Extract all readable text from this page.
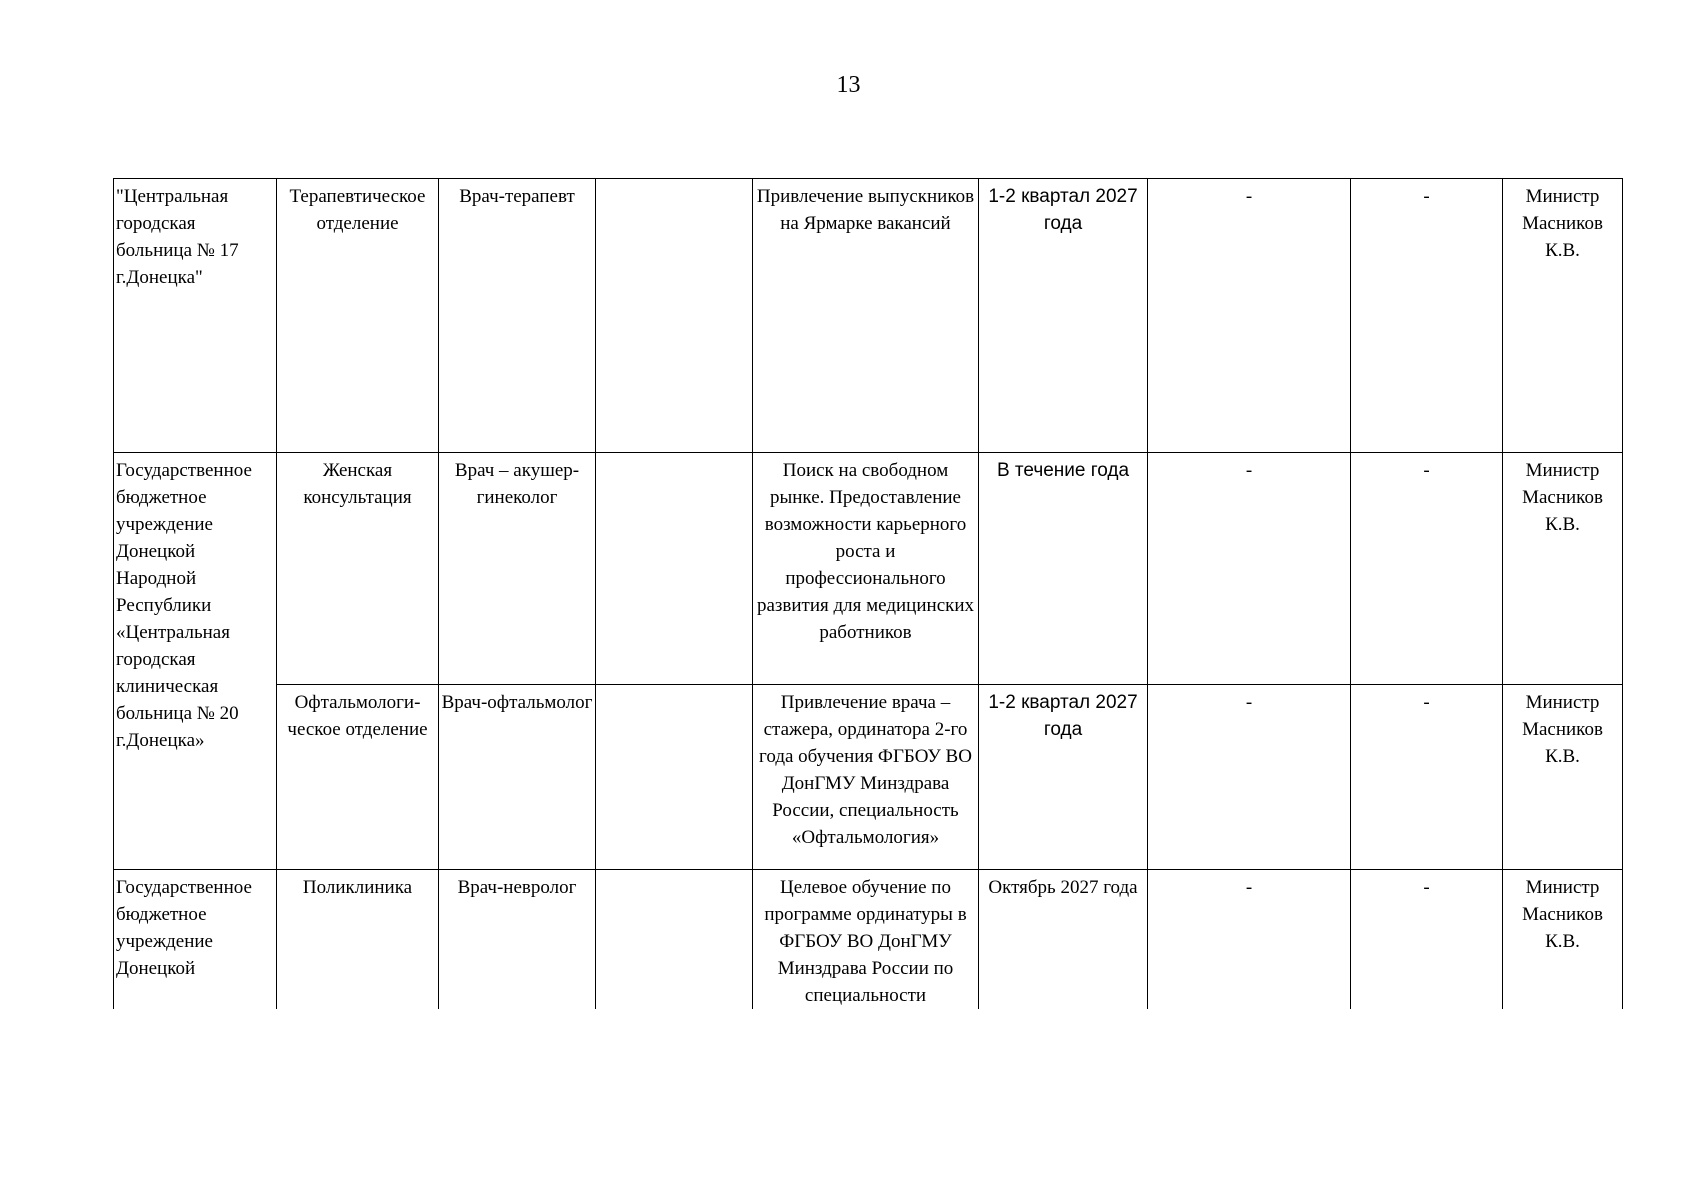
13
"Центральная городская больница № 17 г.Донецка"	Терапевтическое отделение	Врач-терапевт		Привлечение выпускников на Ярмарке вакансий	1-2 квартал 2027 года	-	-	Министр Масников К.В.
Государственное бюджетное учреждение Донецкой Народной Республики «Центральная городская клиническая больница № 20 г.Донецка»	Женская консультация	Врач – акушер-гинеколог		Поиск на свободном рынке. Предоставление возможности карьерного роста и профессионального развития для медицинских работников	В течение года	-	-	Министр Масников К.В.
	Офтальмологи-ческое отделение	Врач-офтальмолог		Привлечение врача – стажера, ординатора 2-го года обучения ФГБОУ ВО ДонГМУ Минздрава России, специальность «Офтальмология»	1-2 квартал 2027 года	-	-	Министр Масников К.В.
Государственное бюджетное учреждение Донецкой	Поликлиника	Врач-невролог		Целевое обучение по программе ординатуры в ФГБОУ ВО ДонГМУ Минздрава России по специальности	Октябрь 2027 года	-	-	Министр Масников К.В.
